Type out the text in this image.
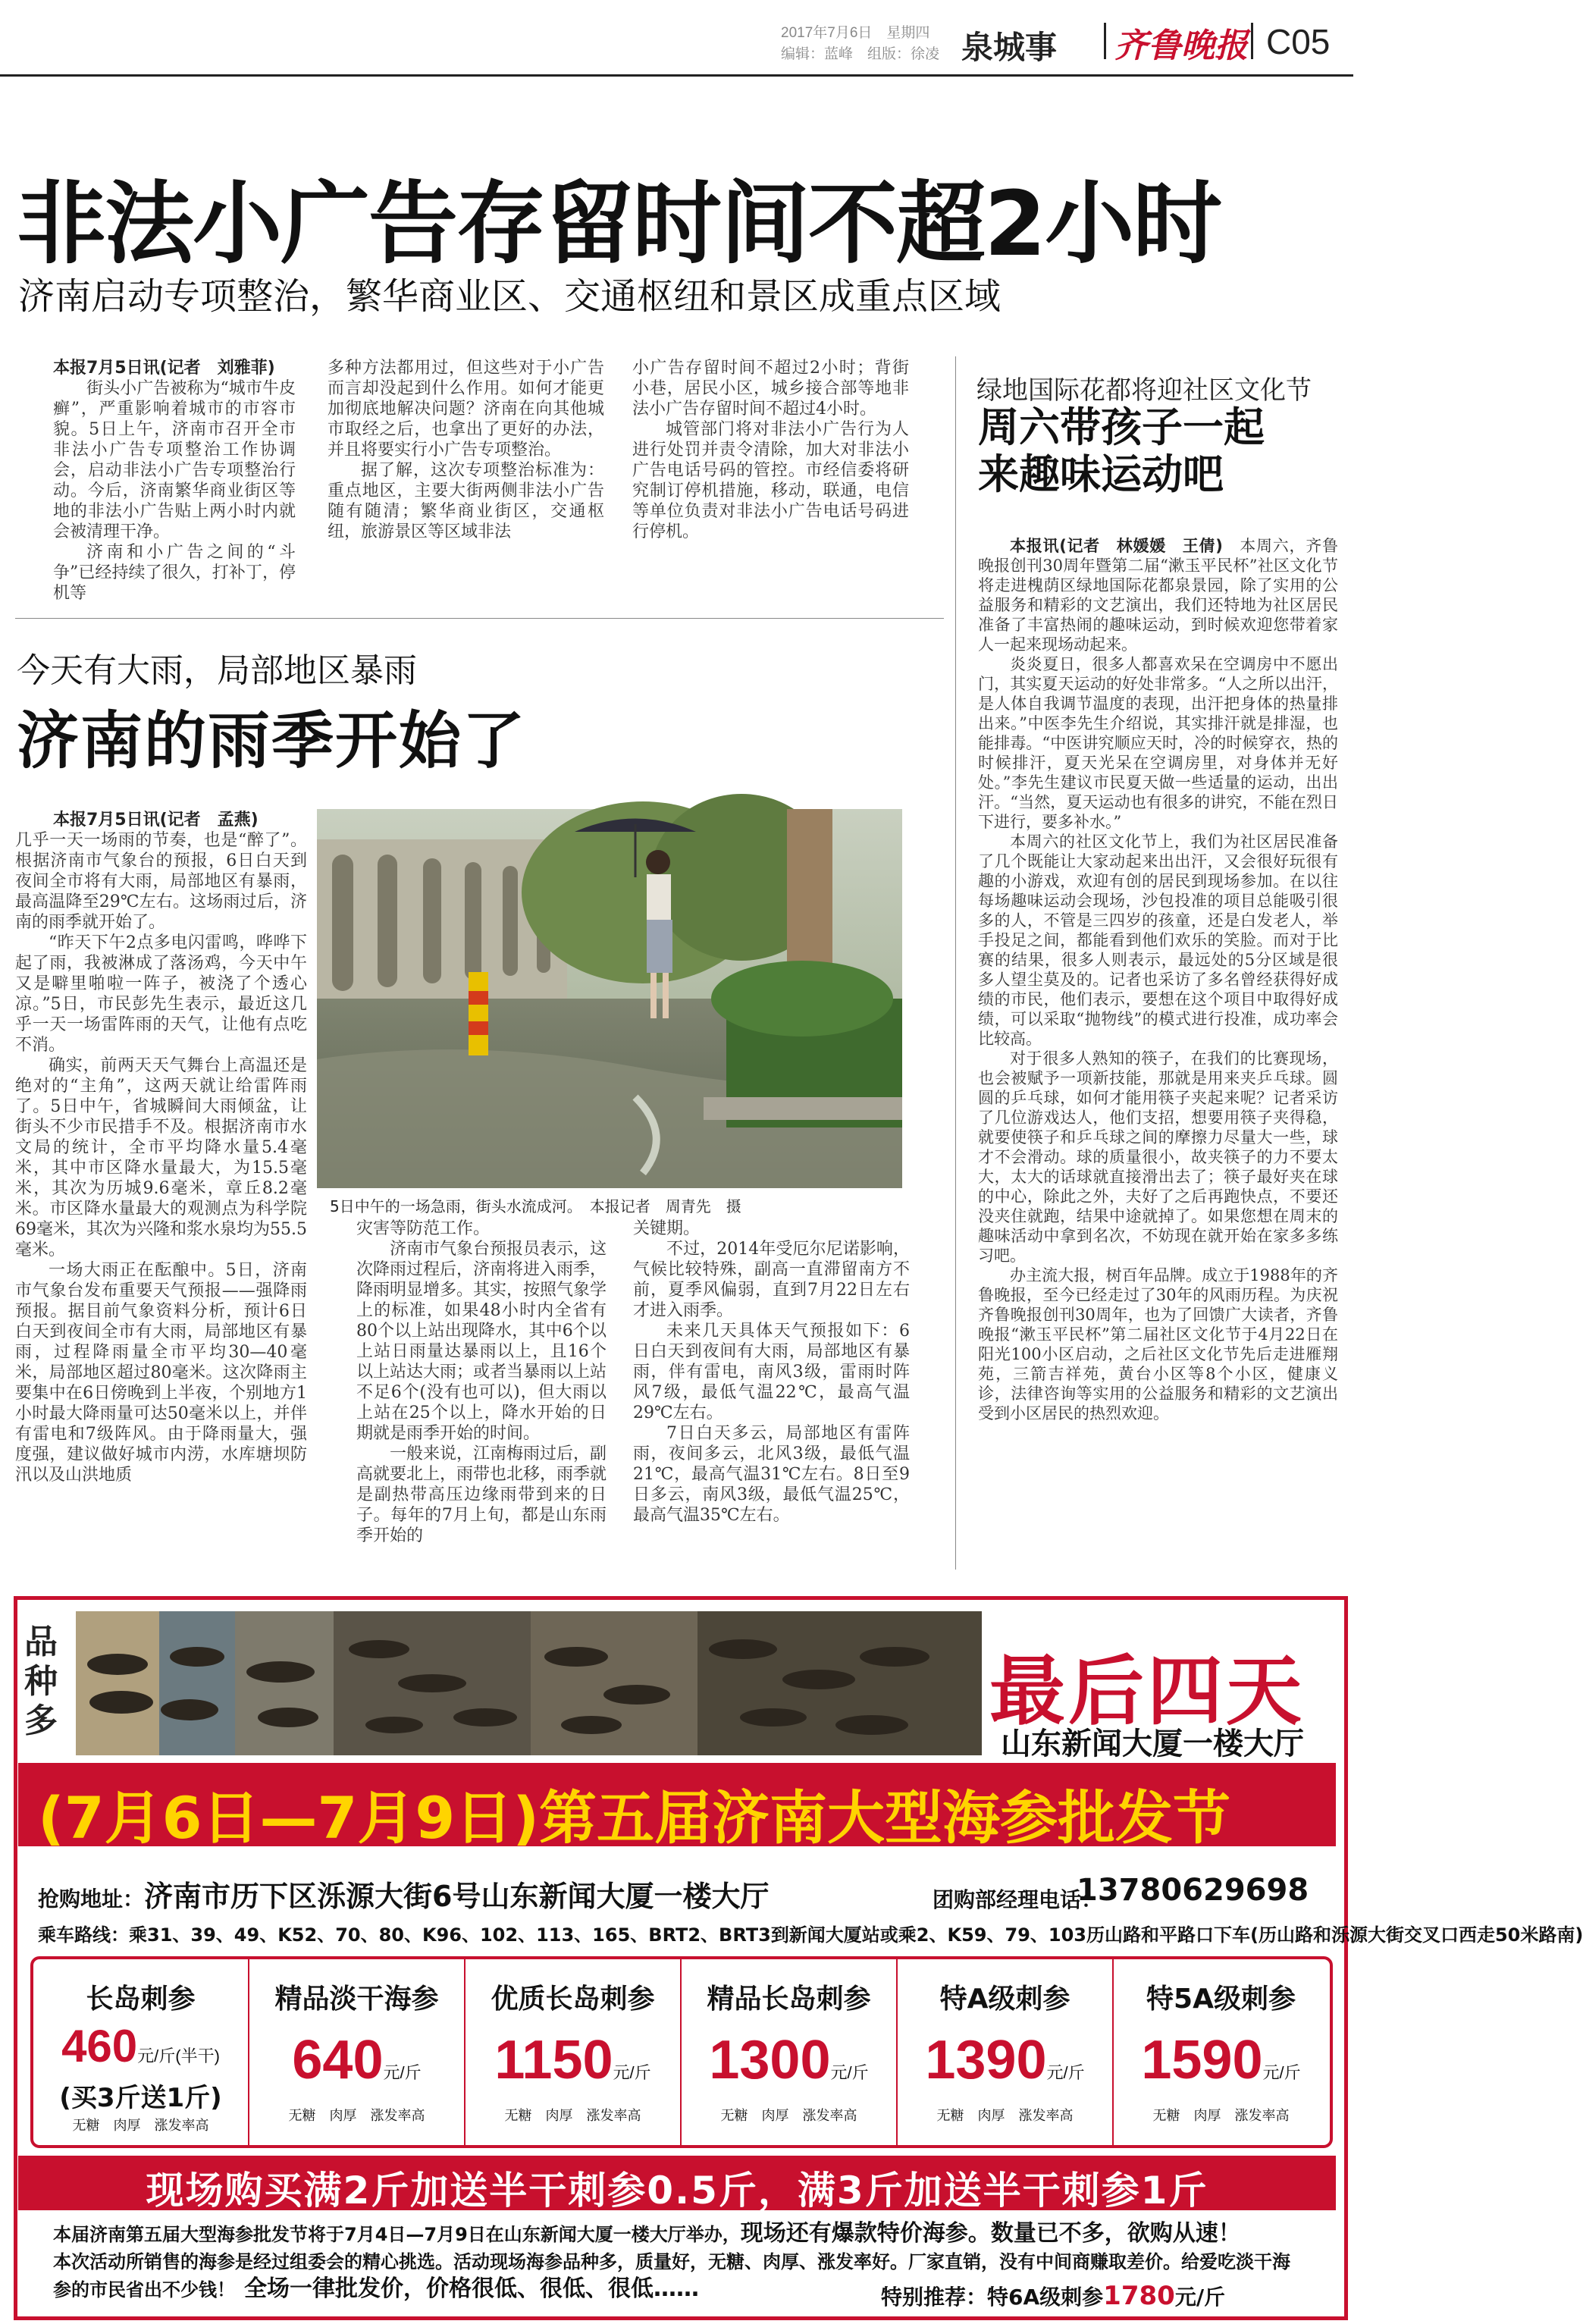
2017年7月6日　星期四
编辑：蓝峰　组版：徐凌 泉城事 齐鲁晚报 C05
非法小广告存留时间不超2小时
济南启动专项整治，繁华商业区、交通枢纽和景区成重点区域
本报7月5日讯(记者　刘雅菲)

街头小广告被称为“城市牛皮癣”，严重影响着城市的市容市貌。5日上午，济南市召开全市非法小广告专项整治工作协调会，启动非法小广告专项整治行动。今后，济南繁华商业街区等地的非法小广告贴上两小时内就会被清理干净。

济南和小广告之间的“斗争”已经持续了很久，打补丁，停机等

多种方法都用过，但这些对于小广告而言却没起到什么作用。如何才能更加彻底地解决问题？济南在向其他城市取经之后，也拿出了更好的办法，并且将要实行小广告专项整治。

据了解，这次专项整治标准为：重点地区，主要大街两侧非法小广告随有随清；繁华商业街区，交通枢纽，旅游景区等区域非法

小广告存留时间不超过2小时；背街小巷，居民小区，城乡接合部等地非法小广告存留时间不超过4小时。

城管部门将对非法小广告行为人进行处罚并责令清除，加大对非法小广告电话号码的管控。市经信委将研究制订停机措施，移动，联通，电信等单位负责对非法小广告电话号码进行停机。

绿地国际花都将迎社区文化节
周六带孩子一起来趣味运动吧

本报讯(记者　林媛媛　王倩)　 本周六，齐鲁晚报创刊30周年暨第二届“漱玉平民杯”社区文化节将走进槐荫区绿地国际花都泉景园，除了实用的公益服务和精彩的文艺演出，我们还特地为社区居民准备了丰富热闹的趣味运动，到时候欢迎您带着家人一起来现场动起来。

炎炎夏日，很多人都喜欢呆在空调房中不愿出门，其实夏天运动的好处非常多。“人之所以出汗，是人体自我调节温度的表现，出汗把身体的热量排出来。”中医李先生介绍说，其实排汗就是排湿，也能排毒。“中医讲究顺应天时，冷的时候穿衣，热的时候排汗，夏天光呆在空调房里，对身体并无好处。”李先生建议市民夏天做一些适量的运动，出出汗。“当然，夏天运动也有很多的讲究，不能在烈日下进行，要多补水。”

本周六的社区文化节上，我们为社区居民准备了几个既能让大家动起来出出汗，又会很好玩很有趣的小游戏，欢迎有创的居民到现场参加。在以往每场趣味运动会现场，沙包投准的项目总能吸引很多的人，不管是三四岁的孩童，还是白发老人，举手投足之间，都能看到他们欢乐的笑脸。而对于比赛的结果，很多人则表示，最远处的5分区域是很多人望尘莫及的。记者也采访了多名曾经获得好成绩的市民，他们表示，要想在这个项目中取得好成绩，可以采取“抛物线”的模式进行投准，成功率会比较高。

对于很多人熟知的筷子，在我们的比赛现场，也会被赋予一项新技能，那就是用来夹乒乓球。圆圆的乒乓球，如何才能用筷子夹起来呢？记者采访了几位游戏达人，他们支招，想要用筷子夹得稳，就要使筷子和乒乓球之间的摩擦力尽量大一些，球才不会滑动。球的质量很小，故夹筷子的力不要太大，太大的话球就直接滑出去了；筷子最好夹在球的中心，除此之外，夫好了之后再跑快点，不要还没夹住就跑，结果中途就掉了。如果您想在周末的趣味活动中拿到名次，不妨现在就开始在家多多练习吧。

办主流大报，树百年品牌。成立于1988年的齐鲁晚报，至今已经走过了30年的风雨历程。为庆祝齐鲁晚报创刊30周年，也为了回馈广大读者，齐鲁晚报“漱玉平民杯”第二届社区文化节于4月22日在阳光100小区启动，之后社区文化节先后走进雁翔苑，三箭吉祥苑，黄台小区等8个小区，健康义诊，法律咨询等实用的公益服务和精彩的文艺演出受到小区居民的热烈欢迎。

今天有大雨，局部地区暴雨
济南的雨季开始了
本报7月5日讯(记者　孟燕)

几乎一天一场雨的节奏，也是“醉了”。根据济南市气象台的预报，6日白天到夜间全市将有大雨，局部地区有暴雨，最高温降至29℃左右。这场雨过后，济南的雨季就开始了。

“昨天下午2点多电闪雷鸣，哗哗下起了雨，我被淋成了落汤鸡，今天中午又是噼里啪啦一阵子，被浇了个透心凉。”5日，市民彭先生表示，最近这几乎一天一场雷阵雨的天气，让他有点吃不消。

确实，前两天天气舞台上高温还是绝对的“主角”，这两天就让给雷阵雨了。5日中午，省城瞬间大雨倾盆，让街头不少市民措手不及。根据济南市水文局的统计，全市平均降水量5.4毫米，其中市区降水量最大，为15.5毫米，其次为历城9.6毫米，章丘8.2毫米。市区降水量最大的观测点为科学院69毫米，其次为兴隆和浆水泉均为55.5毫米。

一场大雨正在酝酿中。5日，济南市气象台发布重要天气预报——强降雨预报。据目前气象资料分析，预计6日白天到夜间全市有大雨，局部地区有暴雨，过程降雨量全市平均30—40毫米，局部地区超过80毫米。这次降雨主要集中在6日傍晚到上半夜，个别地方1小时最大降雨量可达50毫米以上，并伴有雷电和7级阵风。由于降雨量大，强度强，建议做好城市内涝，水库塘坝防汛以及山洪地质

5日中午的一场急雨，街头水流成河。　本报记者　周青先　摄

灾害等防范工作。

济南市气象台预报员表示，这次降雨过程后，济南将进入雨季，降雨明显增多。其实，按照气象学上的标准，如果48小时内全省有80个以上站出现降水，其中6个以上站日雨量达暴雨以上，且16个以上站达大雨；或者当暴雨以上站不足6个(没有也可以)，但大雨以上站在25个以上，降水开始的日期就是雨季开始的时间。

一般来说，江南梅雨过后，副高就要北上，雨带也北移，雨季就是副热带高压边缘雨带到来的日子。每年的7月上旬，都是山东雨季开始的

关键期。

不过，2014年受厄尔尼诺影响，气候比较特殊，副高一直滞留南方不前，夏季风偏弱，直到7月22日左右才进入雨季。

未来几天具体天气预报如下：6日白天到夜间有大雨，局部地区有暴雨，伴有雷电，南风3级，雷雨时阵风7级，最低气温22℃，最高气温29℃左右。

7日白天多云，局部地区有雷阵雨，夜间多云，北风3级，最低气温21℃，最高气温31℃左右。8日至9日多云，南风3级，最低气温25℃，最高气温35℃左右。

品种多	最后四天
山东新闻大厦一楼大厅
(7月6日—7月9日)第五届济南大型海参批发节
抢购地址：济南市历下区泺源大街6号山东新闻大厦一楼大厅	团购部经理电话：
13780629698
乘车路线：乘31、39、49、K52、70、80、K96、102、113、165、BRT2、BRT3到新闻大厦站或乘2、K59、79、103历山路和平路口下车(历山路和泺源大街交叉口西走50米路南)
长岛刺参
460元/斤(半干)
(买3斤送1斤)
无糖　肉厚　涨发率高
精品淡干海参
640元/斤
无糖　肉厚　涨发率高
优质长岛刺参
1150元/斤
无糖　肉厚　涨发率高
精品长岛刺参
1300元/斤
无糖　肉厚　涨发率高
特A级刺参
1390元/斤
无糖　肉厚　涨发率高
特5A级刺参
1590元/斤
无糖　肉厚　涨发率高
现场购买满2斤加送半干刺参0.5斤，满3斤加送半干刺参1斤
本届济南第五届大型海参批发节将于7月4日—7月9日在山东新闻大厦一楼大厅举办，现场还有爆款特价海参。数量已不多，欲购从速！
本次活动所销售的海参是经过组委会的精心挑选。活动现场海参品种多，质量好，无糖、肉厚、涨发率好。厂家直销，没有中间商赚取差价。给爱吃淡干海
参的市民省出不少钱！ 全场一律批发价，价格很低、很低、很低……	特别推荐：特6A级刺参1780元/斤
